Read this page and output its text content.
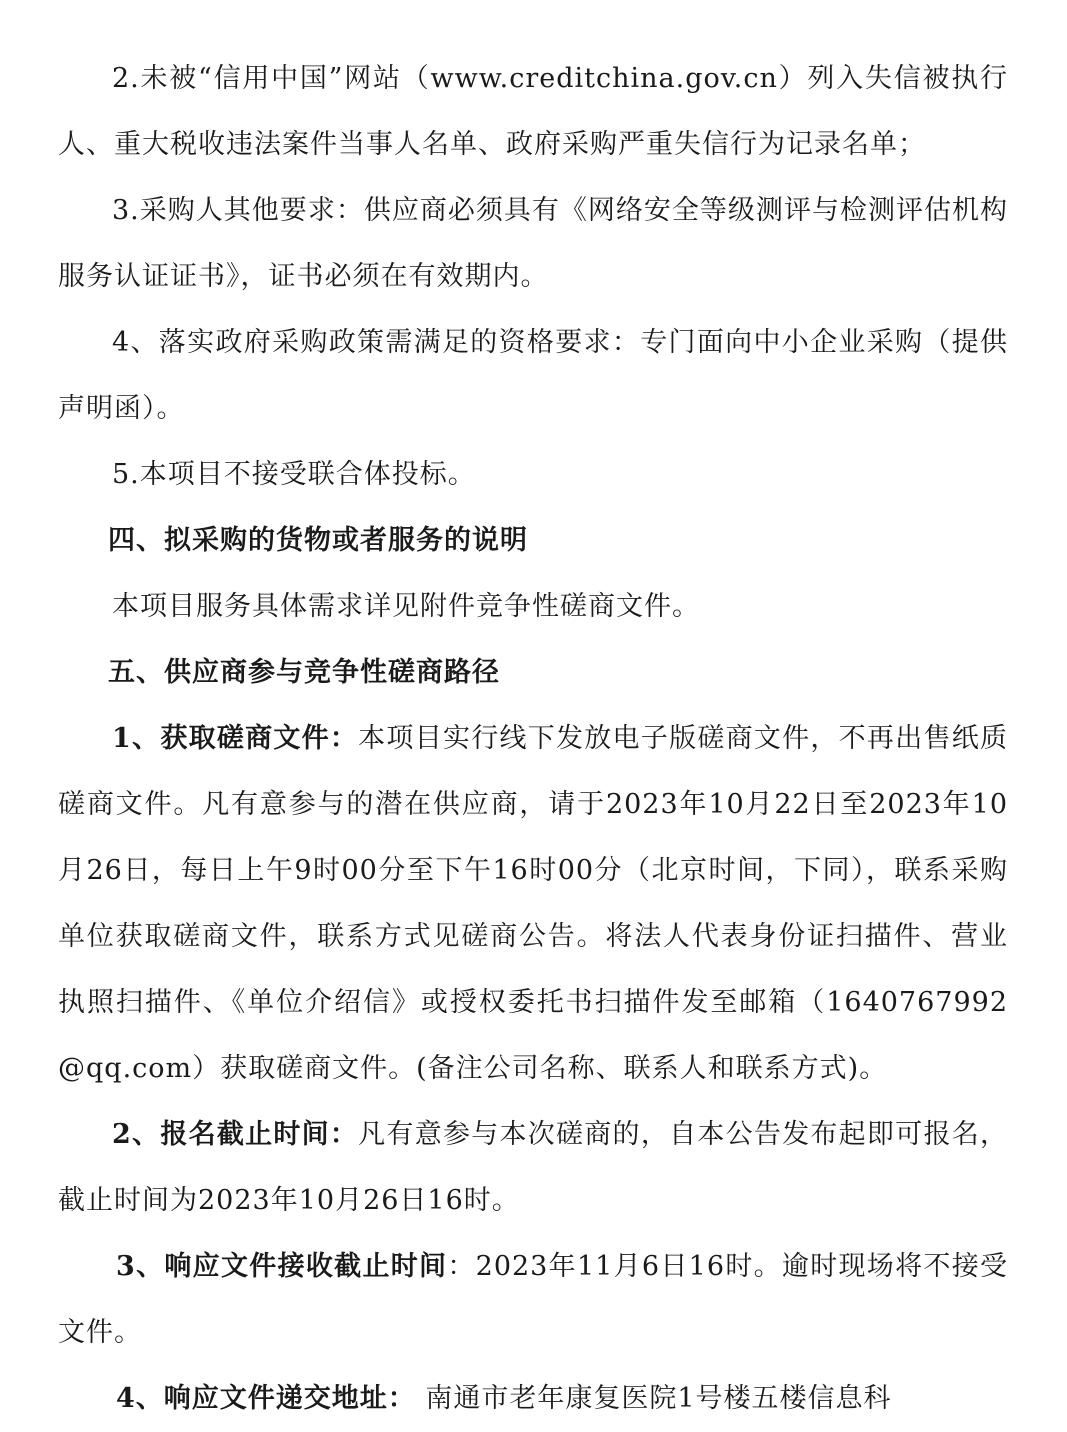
2.未被“信用中国”网站（www.creditchina.gov.cn）列入失信被执行人、重大税收违法案件当事人名单、政府采购严重失信行为记录名单；

3.采购人其他要求：供应商必须具有《网络安全等级测评与检测评估机构服务认证证书》，证书必须在有效期内。

4、落实政府采购政策需满足的资格要求：专门面向中小企业采购（提供声明函）。

5.本项目不接受联合体投标。

四、拟采购的货物或者服务的说明

本项目服务具体需求详见附件竞争性磋商文件。

五、供应商参与竞争性磋商路径

1、获取磋商文件：本项目实行线下发放电子版磋商文件，不再出售纸质磋商文件。凡有意参与的潜在供应商，请于2023年10月22日至2023年10月26日，每日上午9时00分至下午16时00分（北京时间，下同），联系采购单位获取磋商文件，联系方式见磋商公告。将法人代表身份证扫描件、营业执照扫描件、《单位介绍信》或授权委托书扫描件发至邮箱（1640767992@qq.com）获取磋商文件。(备注公司名称、联系人和联系方式)。

2、报名截止时间：凡有意参与本次磋商的，自本公告发布起即可报名，截止时间为2023年10月26日16时。

3、响应文件接收截止时间：2023年11月6日16时。逾时现场将不接受文件。

4、响应文件递交地址： 南通市老年康复医院1号楼五楼信息科
